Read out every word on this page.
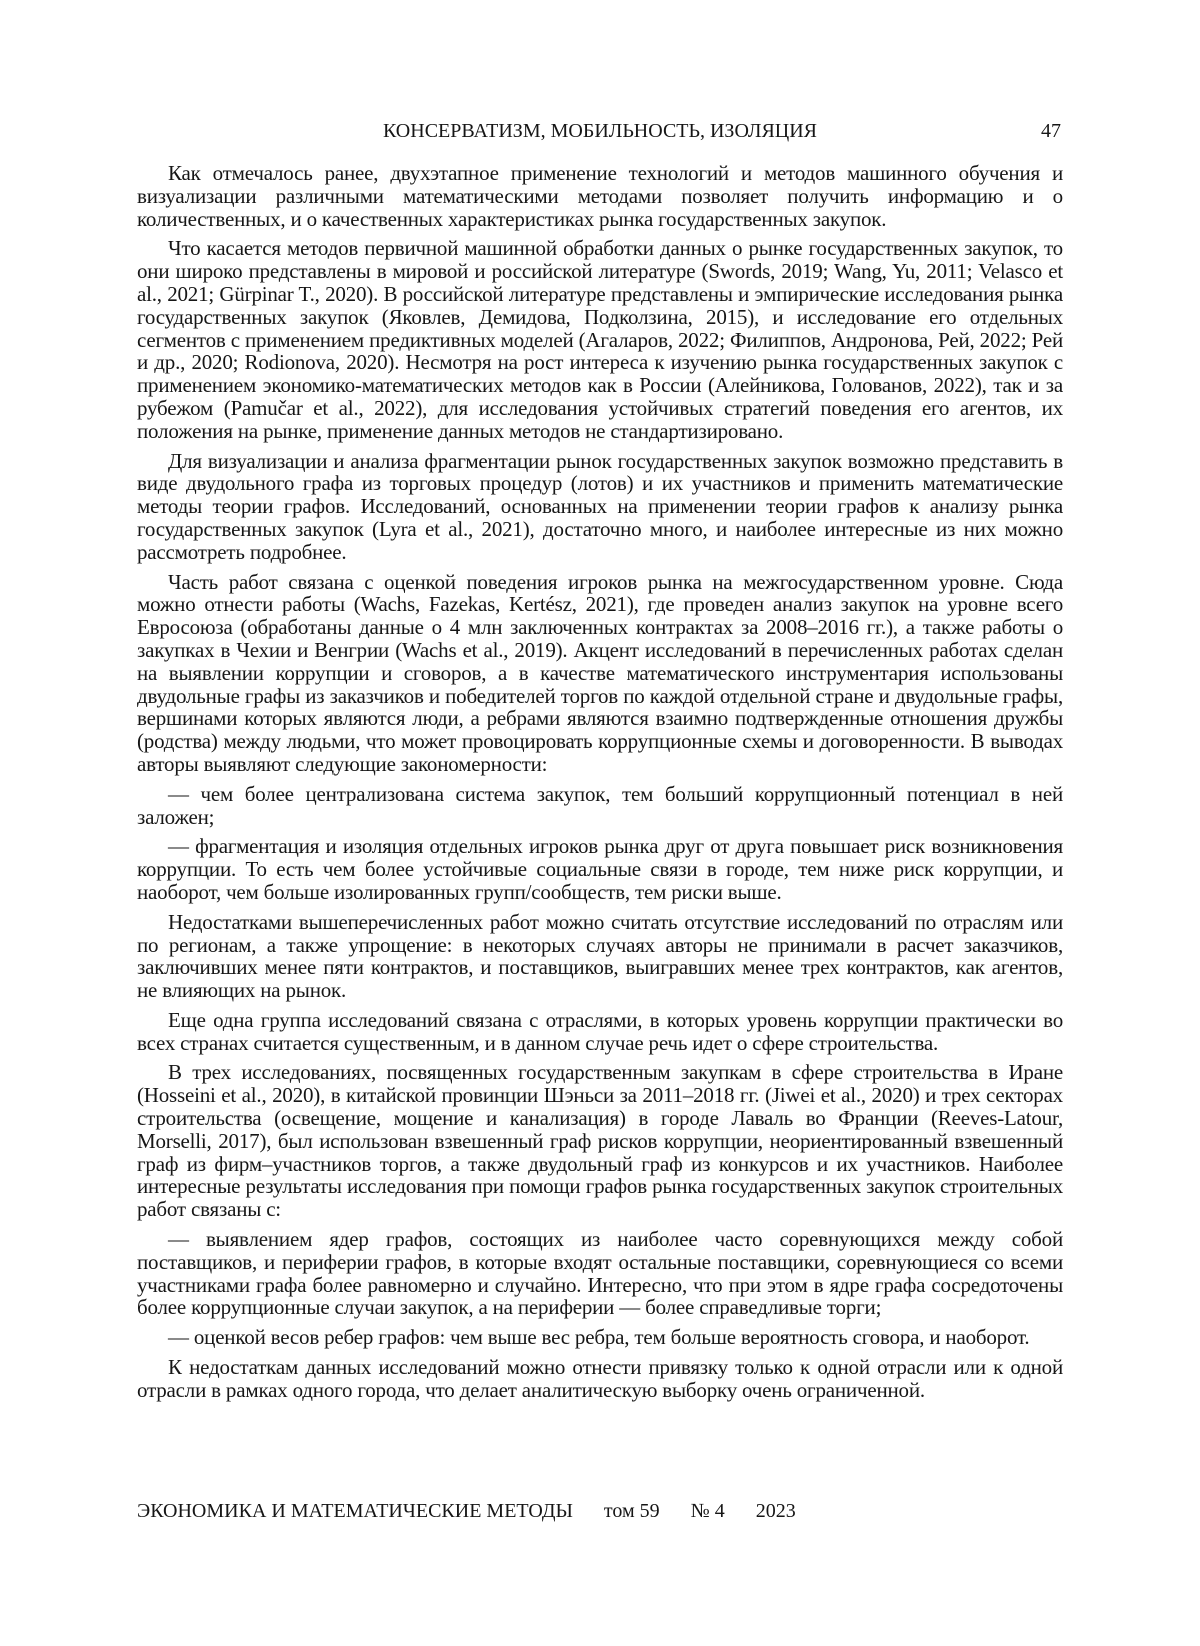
КОНСЕРВАТИЗМ, МОБИЛЬНОСТЬ, ИЗОЛЯЦИЯ	47

Как отмечалось ранее, двухэтапное применение технологий и методов машинного обучения и визуализации различными математическими методами позволяет получить информацию и о количественных, и о качественных характеристиках рынка государственных закупок.

Что касается методов первичной машинной обработки данных о рынке государственных закупок, то они широко представлены в мировой и российской литературе (Swords, 2019; Wang, Yu, 2011; Velasco et al., 2021; Gürpinar T., 2020). В российской литературе представлены и эмпирические исследования рынка государственных закупок (Яковлев, Демидова, Подколзина, 2015), и исследование его отдельных сегментов с применением предиктивных моделей (Агаларов, 2022; Филиппов, Андронова, Рей, 2022; Рей и др., 2020; Rodionova, 2020). Несмотря на рост интереса к изучению рынка государственных закупок с применением экономико-математических методов как в России (Алейникова, Голованов, 2022), так и за рубежом (Pamučar et al., 2022), для исследования устойчивых стратегий поведения его агентов, их положения на рынке, применение данных методов не стандартизировано.

Для визуализации и анализа фрагментации рынок государственных закупок возможно представить в виде двудольного графа из торговых процедур (лотов) и их участников и применить математические методы теории графов. Исследований, основанных на применении теории графов к анализу рынка государственных закупок (Lyra et al., 2021), достаточно много, и наиболее интересные из них можно рассмотреть подробнее.

Часть работ связана с оценкой поведения игроков рынка на межгосударственном уровне. Сюда можно отнести работы (Wachs, Fazekas, Kertész, 2021), где проведен анализ закупок на уровне всего Евросоюза (обработаны данные о 4 млн заключенных контрактах за 2008–2016 гг.), а также работы о закупках в Чехии и Венгрии (Wachs et al., 2019). Акцент исследований в перечисленных работах сделан на выявлении коррупции и сговоров, а в качестве математического инструментария использованы двудольные графы из заказчиков и победителей торгов по каждой отдельной стране и двудольные графы, вершинами которых являются люди, а ребрами являются взаимно подтвержденные отношения дружбы (родства) между людьми, что может провоцировать коррупционные схемы и договоренности. В выводах авторы выявляют следующие закономерности:

— чем более централизована система закупок, тем больший коррупционный потенциал в ней заложен;

— фрагментация и изоляция отдельных игроков рынка друг от друга повышает риск возникновения коррупции. То есть чем более устойчивые социальные связи в городе, тем ниже риск коррупции, и наоборот, чем больше изолированных групп/сообществ, тем риски выше.

Недостатками вышеперечисленных работ можно считать отсутствие исследований по отраслям или по регионам, а также упрощение: в некоторых случаях авторы не принимали в расчет заказчиков, заключивших менее пяти контрактов, и поставщиков, выигравших менее трех контрактов, как агентов, не влияющих на рынок.

Еще одна группа исследований связана с отраслями, в которых уровень коррупции практически во всех странах считается существенным, и в данном случае речь идет о сфере строительства.

В трех исследованиях, посвященных государственным закупкам в сфере строительства в Иране (Hosseini et al., 2020), в китайской провинции Шэньси за 2011–2018 гг. (Jiwei et al., 2020) и трех секторах строительства (освещение, мощение и канализация) в городе Лаваль во Франции (Reeves-Latour, Morselli, 2017), был использован взвешенный граф рисков коррупции, неориентированный взвешенный граф из фирм–участников торгов, а также двудольный граф из конкурсов и их участников. Наиболее интересные результаты исследования при помощи графов рынка государственных закупок строительных работ связаны с:

— выявлением ядер графов, состоящих из наиболее часто соревнующихся между собой поставщиков, и периферии графов, в которые входят остальные поставщики, соревнующиеся со всеми участниками графа более равномерно и случайно. Интересно, что при этом в ядре графа сосредоточены более коррупционные случаи закупок, а на периферии — более справедливые торги;

— оценкой весов ребер графов: чем выше вес ребра, тем больше вероятность сговора, и наоборот.

К недостаткам данных исследований можно отнести привязку только к одной отрасли или к одной отрасли в рамках одного города, что делает аналитическую выборку очень ограниченной.

ЭКОНОМИКА И МАТЕМАТИЧЕСКИЕ МЕТОДЫ том 59 № 4 2023
